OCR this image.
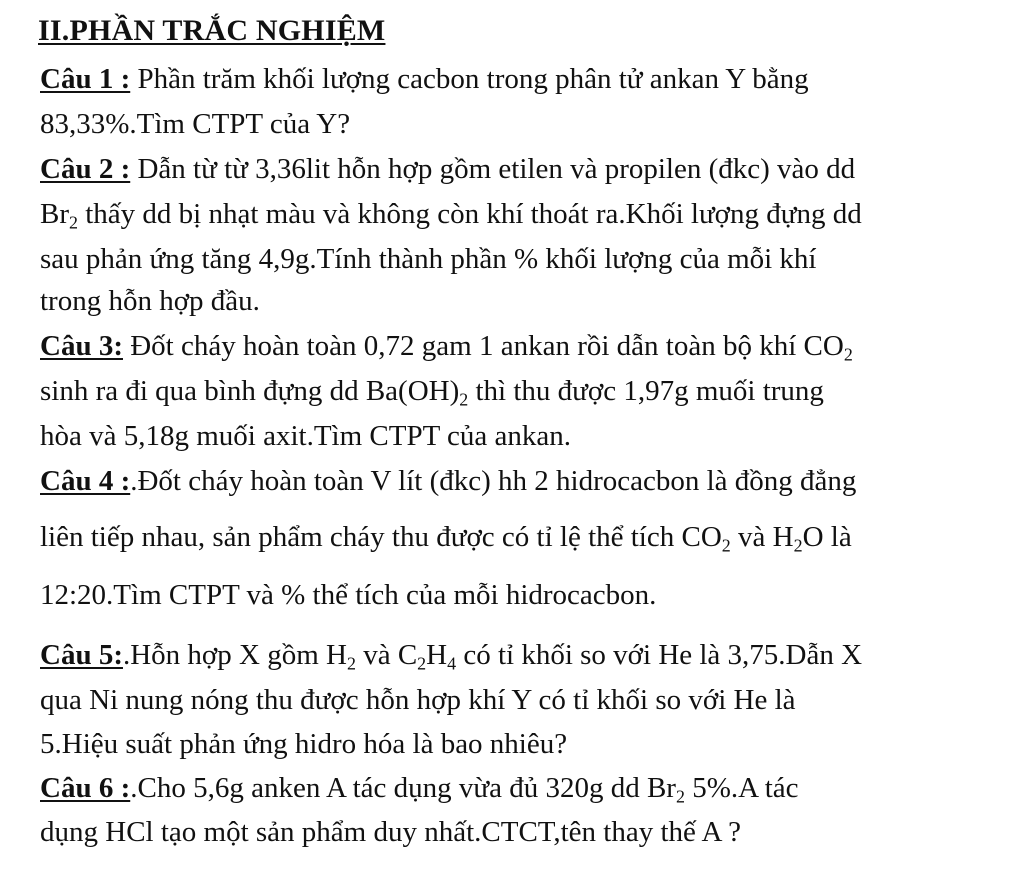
II.PHẦN TRẮC NGHIỆM
Câu 1 : Phần trăm khối lượng cacbon trong phân tử ankan Y bằng
83,33%.Tìm CTPT của Y?
Câu 2 : Dẫn từ từ 3,36lit hỗn hợp gồm etilen và propilen (đkc) vào dd
$Br_2$ thấy dd bị nhạt màu và không còn khí thoát ra.Khối lượng đựng dd
sau phản ứng tăng 4,9g.Tính thành phần % khối lượng của mỗi khí
trong hỗn hợp đầu.
Câu 3: Đốt cháy hoàn toàn 0,72 gam 1 ankan rồi dẫn toàn bộ khí $CO_2$
sinh ra đi qua bình đựng dd $Ba(OH)_2$ thì thu được 1,97g muối trung
hòa và 5,18g muối axit.Tìm CTPT của ankan.
Câu 4 :.Đốt cháy hoàn toàn V lít (đkc) hh 2 hidrocacbon là đồng đẳng
liên tiếp nhau, sản phẩm cháy thu được có tỉ lệ thể tích $CO_2$ và $H_2O$ là
12:20.Tìm CTPT và % thể tích của mỗi hidrocacbon.
Câu 5:.Hỗn hợp X gồm $H_2$ và $C_2H_4$ có tỉ khối so với He là 3,75.Dẫn X
qua Ni nung nóng thu được hỗn hợp khí Y có tỉ khối so với He là
5.Hiệu suất phản ứng hidro hóa là bao nhiêu?
Câu 6 :.Cho 5,6g anken A tác dụng vừa đủ 320g dd $Br_2$ 5%.A tác
dụng HCl tạo một sản phẩm duy nhất.CTCT,tên thay thế A ?
